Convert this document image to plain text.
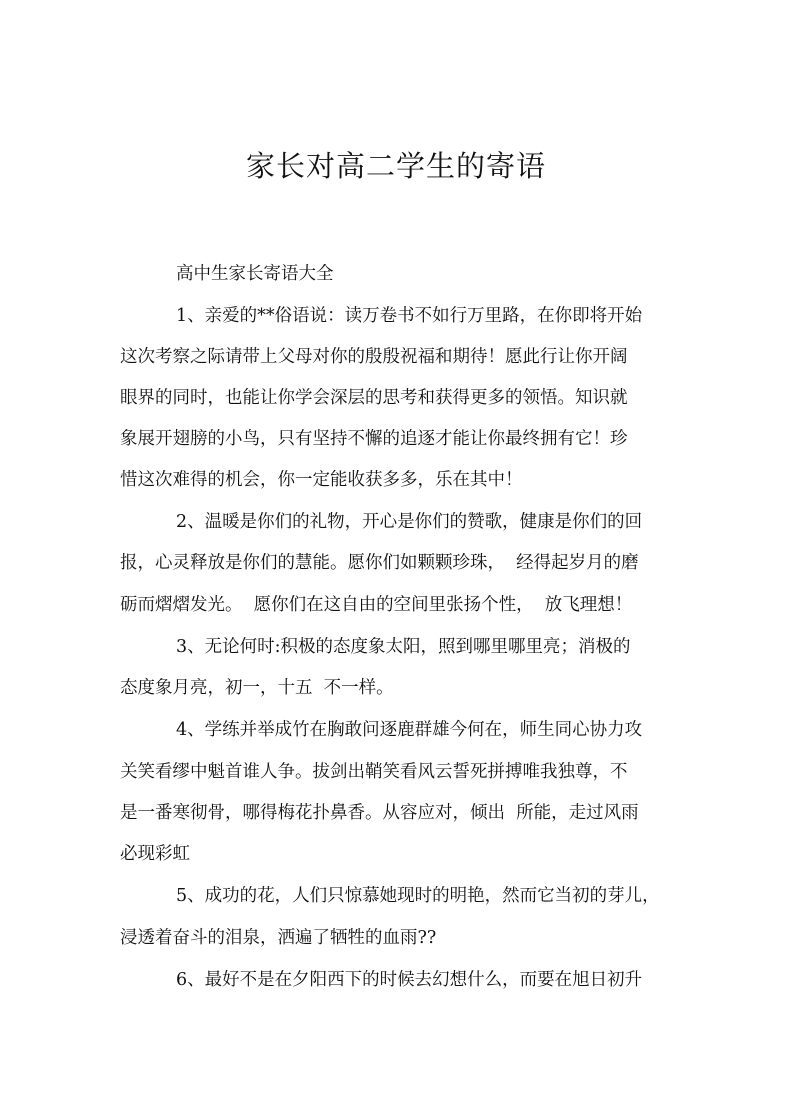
家长对高二学生的寄语

高中生家长寄语大全

1、亲爱的**俗语说：读万卷书不如行万里路，在你即将开始

这次考察之际请带上父母对你的殷殷祝福和期待！愿此行让你开阔

眼界的同时，也能让你学会深层的思考和获得更多的领悟。知识就

象展开翅膀的小鸟，只有坚持不懈的追逐才能让你最终拥有它！珍

惜这次难得的机会，你一定能收获多多，乐在其中！

2、温暖是你们的礼物，开心是你们的赞歌，健康是你们的回

报，心灵释放是你们的慧能。愿你们如颗颗珍珠，  经得起岁月的磨

砺而熠熠发光。  愿你们在这自由的空间里张扬个性，  放飞理想！

3、无论何时:积极的态度象太阳，照到哪里哪里亮；消极的

态度象月亮，初一，十五  不一样。

4、学练并举成竹在胸敢问逐鹿群雄今何在，师生同心协力攻

关笑看缪中魁首谁人争。拔剑出鞘笑看风云誓死拼搏唯我独尊，不

是一番寒彻骨，哪得梅花扑鼻香。从容应对，倾出  所能，走过风雨

必现彩虹

5、成功的花，人们只惊慕她现时的明艳，然而它当初的芽儿，

浸透着奋斗的泪泉，洒遍了牺牲的血雨??

6、最好不是在夕阳西下的时候去幻想什么，而要在旭日初升
